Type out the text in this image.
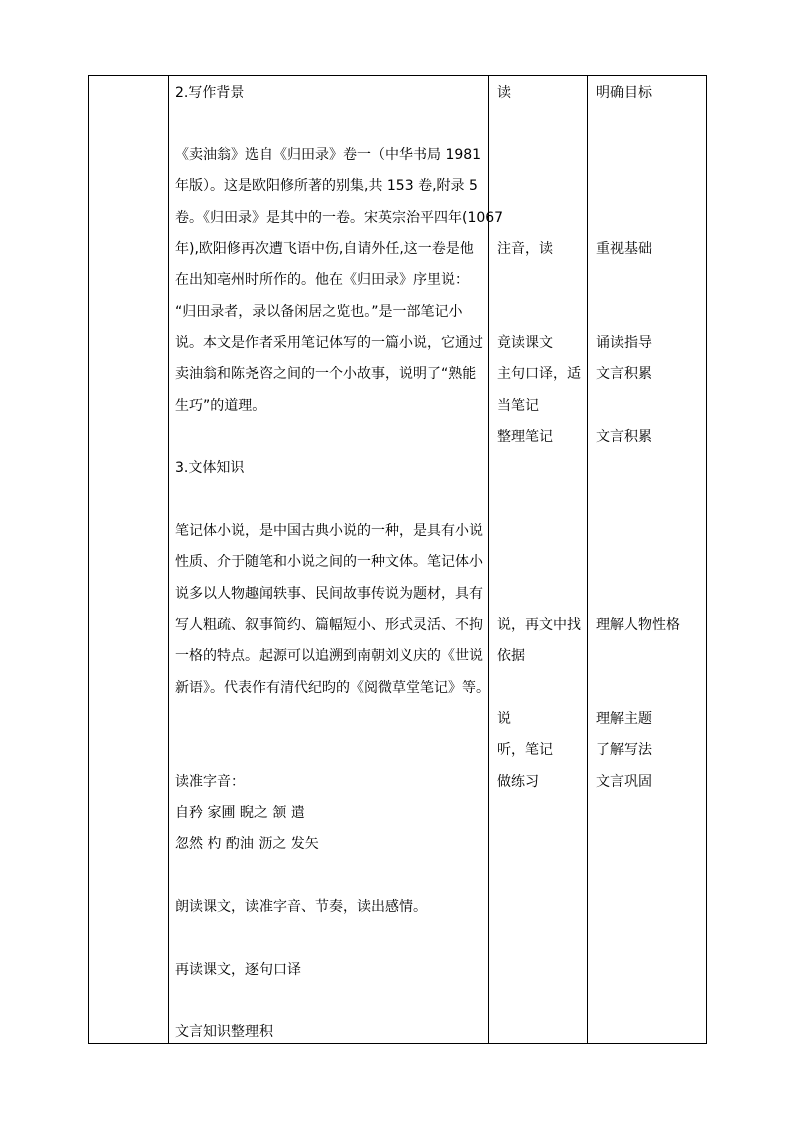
2.写作背景
《卖油翁》选自《归田录》卷一（中华书局 1981
年版）。这是欧阳修所著的别集,共 153 卷,附录 5
卷。《归田录》是其中的一卷。宋英宗治平四年(1067
年),欧阳修再次遭飞语中伤,自请外任,这一卷是他
在出知亳州时所作的。他在《归田录》序里说：
“归田录者，录以备闲居之览也。”是一部笔记小
说。本文是作者采用笔记体写的一篇小说，它通过
卖油翁和陈尧咨之间的一个小故事，说明了“熟能
生巧”的道理。
3.文体知识
笔记体小说，是中国古典小说的一种，是具有小说
性质、介于随笔和小说之间的一种文体。笔记体小
说多以人物趣闻轶事、民间故事传说为题材，具有
写人粗疏、叙事简约、篇幅短小、形式灵活、不拘
一格的特点。起源可以追溯到南朝刘义庆的《世说
新语》。代表作有清代纪昀的《阅微草堂笔记》等。
读准字音：
自矜 家圃 睨之 颔 遣
忽然 杓 酌油 沥之 发矢
朗读课文，读准字音、节奏，读出感情。
再读课文，逐句口译
文言知识整理积
读
注音，读
竟读课文
主句口译，适
当笔记
整理笔记
说，再文中找
依据
说
听，笔记
做练习
明确目标
重视基础
诵读指导
文言积累
文言积累
理解人物性格
理解主题
了解写法
文言巩固
